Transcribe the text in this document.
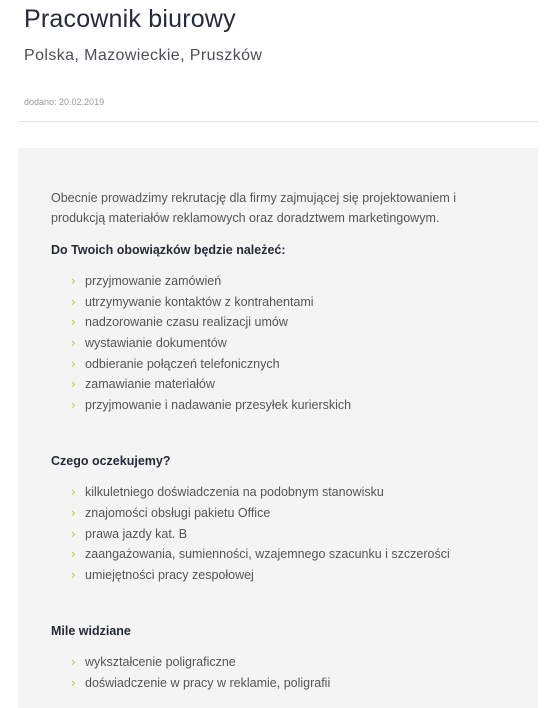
Pracownik biurowy
Polska, Mazowieckie, Pruszków
dodano: 20.02.2019

Obecnie prowadzimy rekrutację dla firmy zajmującej się projektowaniem i produkcją materiałów reklamowych oraz doradztwem marketingowym.

Do Twoich obowiązków będzie należeć:
› przyjmowanie zamówień
› utrzymywanie kontaktów z kontrahentami
› nadzorowanie czasu realizacji umów
› wystawianie dokumentów
› odbieranie połączeń telefonicznych
› zamawianie materiałów
› przyjmowanie i nadawanie przesyłek kurierskich
Czego oczekujemy?
› kilkuletniego doświadczenia na podobnym stanowisku
› znajomości obsługi pakietu Office
› prawa jazdy kat. B
› zaangażowania, sumienności, wzajemnego szacunku i szczerości
› umiejętności pracy zespołowej
Mile widziane
› wykształcenie poligraficzne
› doświadczenie w pracy w reklamie, poligrafii
